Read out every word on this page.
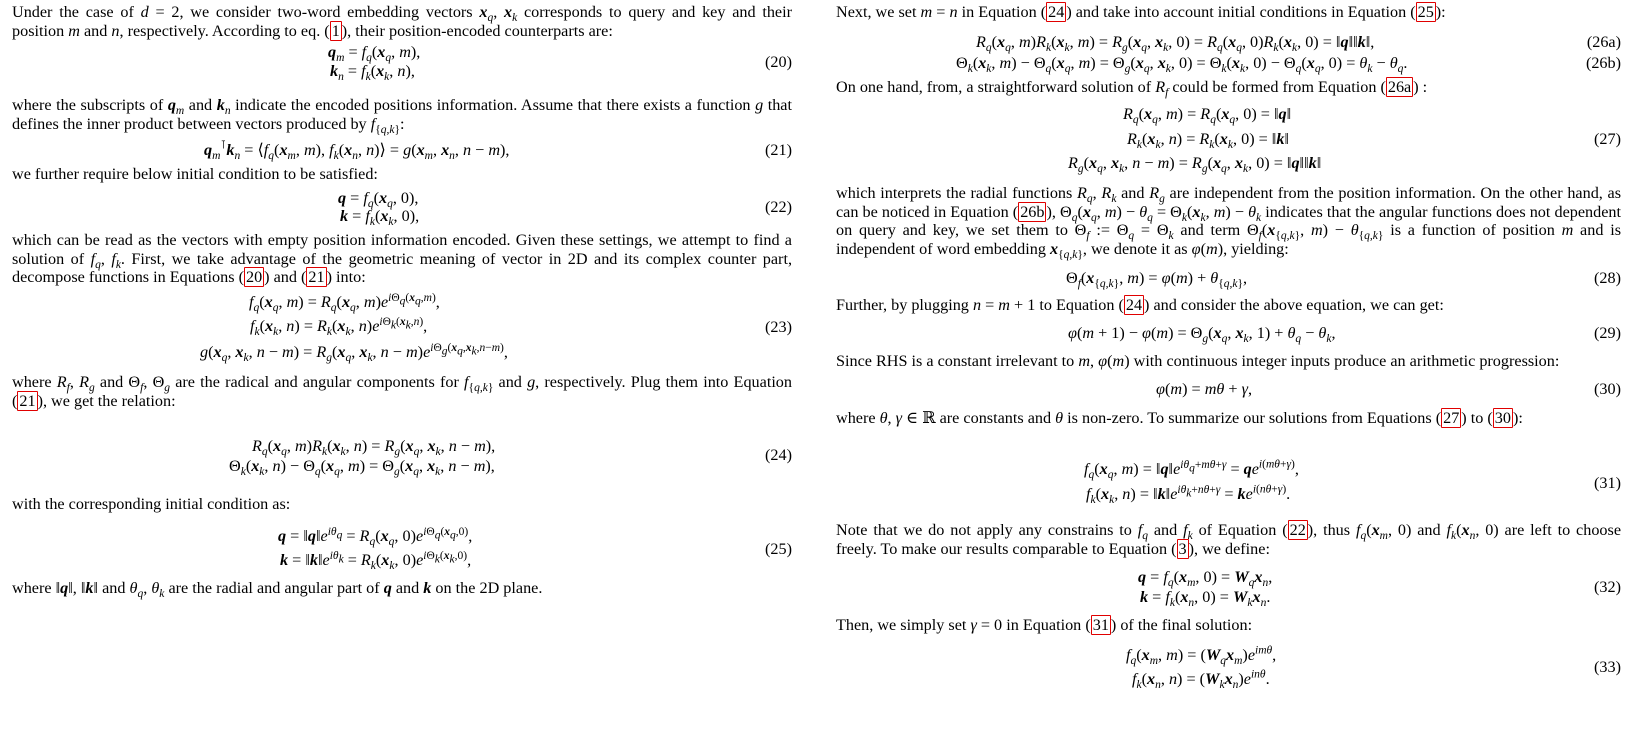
Under the case of d = 2, we consider two-word embedding vectors $x_q$, $x_k$ corresponds to query and key and their position m and n, respectively. According to eq. ( 1 ), their position-encoded counterparts are:

$q_m = f_q(x_q$, m),
$k_n = f_k(x_k$, n),	(20)

where the subscripts of $q_m$ and $k_n$ indicate the encoded positions information. Assume that there exists a function g that defines the inner product between vectors produced by $f_{\{q,k\}}$:

$q_m^⊺k_n$ = $⟨f_q(x_m$, m), $f_k(x_n$, n)⟩ = $g(x_m$, $x_n$, n − m),	(21)

we further require below initial condition to be satisfied:

$q = f_q(x_q$, 0),
$k = f_k(x_k$, 0),	(22)

which can be read as the vectors with empty position information encoded. Given these settings, we attempt to find a solution of $f_q$, $f_k$. First, we take advantage of the geometric meaning of vector in 2D and its complex counter part, decompose functions in Equations ( 20 ) and ( 21 ) into:

$f_q(x_q$, $m) = R_q(x_q$, $m)e^{i\Theta_q(x_q,m)}$,
$f_k(x_k$, $n) = R_k(x_k$, $n)e^{i\Theta_k(x_k,n)}$,
$g(x_q$, $x_k$, $n - m) = R_g(x_q$, $x_k$, $n - m)e^{i\Theta_g(x_q,x_k,n-m)}$,
(23)

where $R_f$, $R_g$ and $\Theta_f$, $\Theta_g$ are the radical and angular components for $f_{\{q,k\}}$ and g, respectively. Plug them into Equation ( 21 ), we get the relation:

$R_q(x_q$, $m)R_k(x_k$, $n) = R_g(x_q$, $x_k$, n − m),
$\Theta_k(x_k$, $n) - \Theta_q(x_q$, $m) = \Theta_g(x_q$, $x_k$, n − m),
(24)

with the corresponding initial condition as:

$q = ‖q‖e^{i\theta_q} = R_q(x_q$, $0)e^{i\Theta_q(x_q,0)}$,
$k = ‖k‖e^{i\theta_k} = R_k(x_k$, $0)e^{i\Theta_k(x_k,0)}$,
(25)

where ‖q‖, ‖k‖ and $\theta_q$, $\theta_k$ are the radial and angular part of q and k on the 2D plane.

Next, we set m = n in Equation ( 24 ) and take into account initial conditions in Equation ( 25 ):

$R_q(x_q$, $m)R_k(x_k$, $m) = R_g(x_q$, $x_k$, $0) = R_q(x_q$, $0)R_k(x_k$, 0) = ‖q‖‖k‖,
$\Theta_k(x_k$, $m) - \Theta_q(x_q$, $m) = \Theta_g(x_q$, $x_k$, $0) = \Theta_k(x_k$, $0) - \Theta_q(x_q$, $0) = \theta_k - \theta_q$.
(26a)
(26b)

On one hand, from, a straightforward solution of $R_f$ could be formed from Equation ( 26a ) :

$R_q(x_q$, $m) = R_q(x_q$, 0) = ‖q‖
$R_k(x_k$, $n) = R_k(x_k$, 0) = ‖k‖
$R_g(x_q$, $x_k$, $n - m) = R_g(x_q$, $x_k$, 0) = ‖q‖‖k‖
(27)

which interprets the radial functions $R_q$, $R_k$ and $R_g$ are independent from the position information. On the other hand, as can be noticed in Equation ( 26b ), $\Theta_q(x_q$, $m) - \theta_q = \Theta_k(x_k$, $m) - \theta_k$ indicates that the angular functions does not dependent on query and key, we set them to $\Theta_f$ := $\Theta_q = \Theta_k$ and term $\Theta_f(x_{\{q,k\}}$, $m) - \theta_{\{q,k\}}$ is a function of position m and is independent of word embedding $x_{\{q,k\}}$, we denote it as φ(m), yielding:

$\Theta_f(x_{\{q,k\}}$, $m) = \varphi(m) + \theta_{\{q,k\}}$,	(28)

Further, by plugging n = m + 1 to Equation ( 24 ) and consider the above equation, we can get:

$\varphi(m + 1) - \varphi(m) = \Theta_g(x_q$, $x_k$, $1) + \theta_q - \theta_k$,	(29)

Since RHS is a constant irrelevant to m, φ(m) with continuous integer inputs produce an arithmetic progression:

φ(m) = mθ + γ,	(30)

where θ, γ ∈ ℝ are constants and θ is non-zero. To summarize our solutions from Equations ( 27 ) to ( 30 ):

$f_q(x_q$, $m) = ‖q‖e^{i\theta_q+m\theta+\gamma} = qe^{i(m\theta+\gamma)}$,
$f_k(x_k$, $n) = ‖k‖e^{i\theta_k+n\theta+\gamma} = ke^{i(n\theta+\gamma)}$.
(31)

Note that we do not apply any constrains to $f_q$ and $f_k$ of Equation ( 22 ), thus $f_q(x_m$, 0) and $f_k(x_n$, 0) are left to choose freely. To make our results comparable to Equation ( 3 ), we define:

$q = f_q(x_m$, $0) = W_qx_n$,
$k = f_k(x_n$, $0) = W_kx_n$.
(32)

Then, we simply set γ = 0 in Equation ( 31 ) of the final solution:

$f_q(x_m$, $m) = (W_qx_m)e^{im\theta}$,
$f_k(x_n$, $n) = (W_kx_n)e^{in\theta}$.
(33)
